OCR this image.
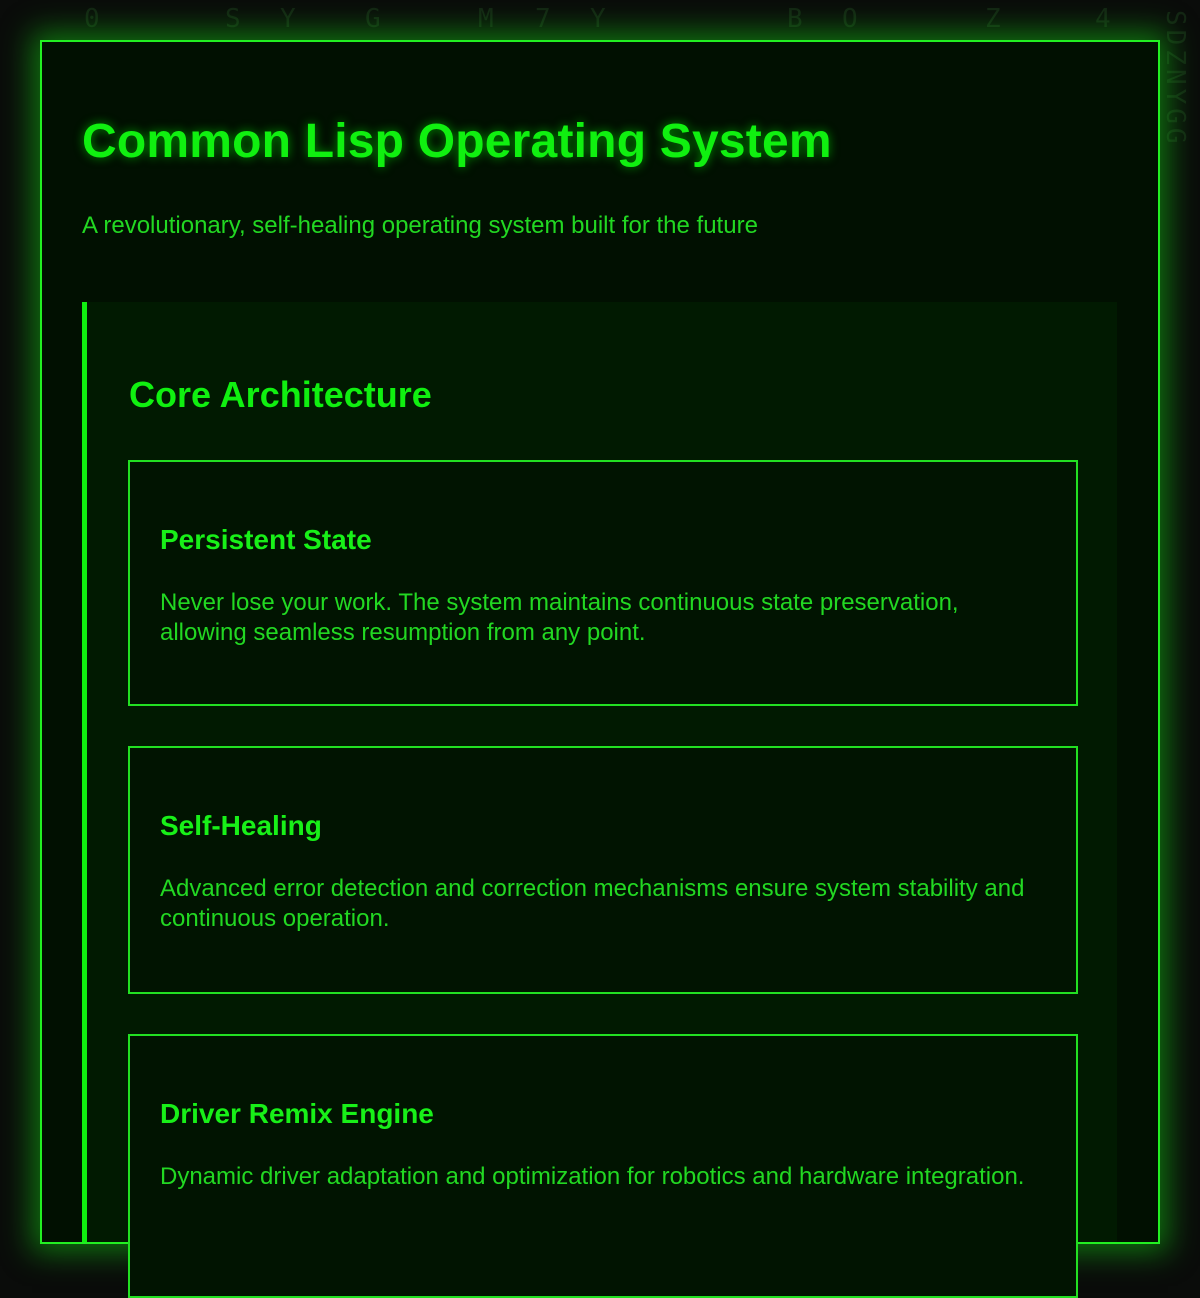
0	S Y	G	M 7 Y	B O	Z	4 SDZNYGG
Common Lisp Operating System

A revolutionary, self-healing operating system built for the future

Core Architecture
Persistent State

Never lose your work. The system maintains continuous state preservation, allowing seamless resumption from any point.

Self-Healing

Advanced error detection and correction mechanisms ensure system stability and continuous operation.

Driver Remix Engine

Dynamic driver adaptation and optimization for robotics and hardware integration.
